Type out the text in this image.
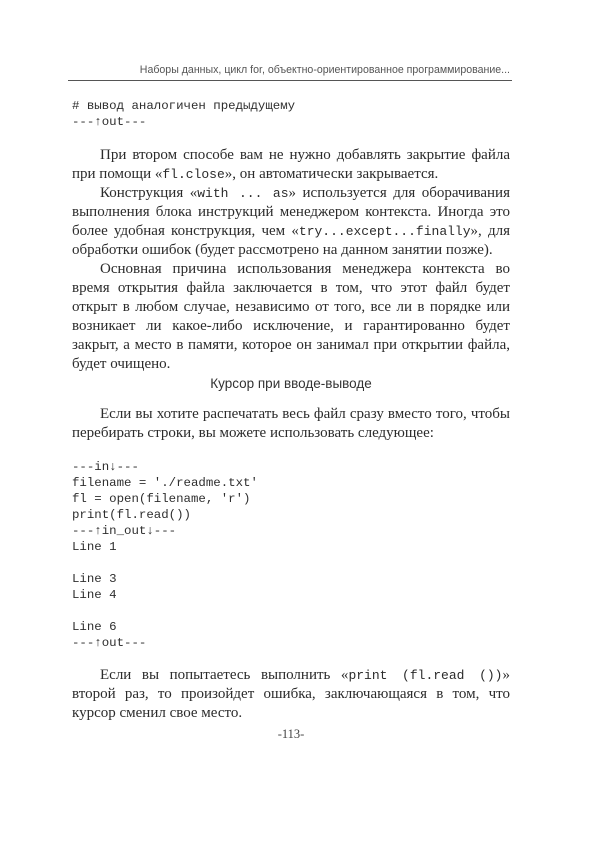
Наборы данных, цикл for, объектно-ориентированное программирование...
# вывод аналогичен предыдущему
---↑out---

При втором способе вам не нужно добавлять закрытие файла при помощи «fl.close», он автоматически закрывается.

Конструкция «with ... as» используется для оборачивания выполнения блока инструкций менеджером контекста. Иногда это более удобная конструкция, чем «try...except...finally», для обработки ошибок (будет рассмотрено на данном занятии позже).

Основная причина использования менеджера контекста во время открытия файла заключается в том, что этот файл будет открыт в любом случае, независимо от того, все ли в порядке или возникает ли какое-либо исключение, и гарантированно будет закрыт, а место в памяти, которое он занимал при открытии файла, будет очищено.

Курсор при вводе-выводе

Если вы хотите распечатать весь файл сразу вместо того, чтобы перебирать строки, вы можете использовать следующее:

---in↓---
filename = './readme.txt'
fl = open(filename, 'r')
print(fl.read())
---↑in_out↓---
Line 1

Line 3
Line 4

Line 6
---↑out---

Если вы попытаетесь выполнить «print (fl.read ())» второй раз, то произойдет ошибка, заключающаяся в том, что курсор сменил свое место.

-113-
